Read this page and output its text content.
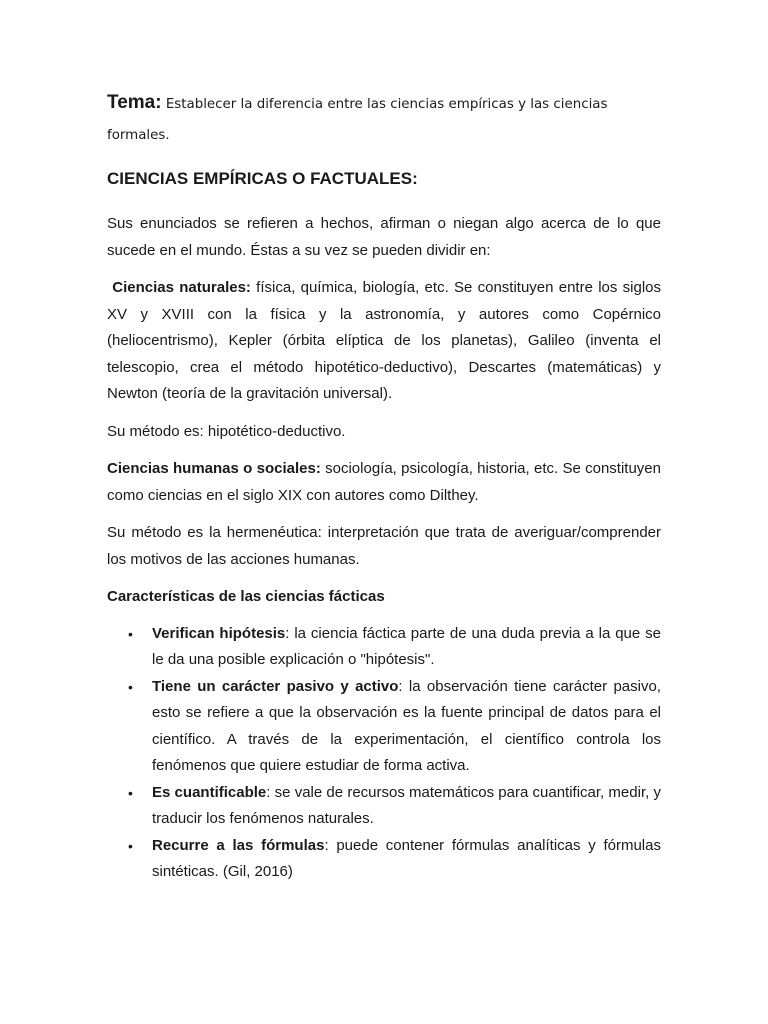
Tema: Establecer la diferencia entre las ciencias empíricas y las ciencias formales.
CIENCIAS EMPÍRICAS O FACTUALES:

Sus enunciados se refieren a hechos, afirman o niegan algo acerca de lo que sucede en el mundo. Éstas a su vez se pueden dividir en:

Ciencias naturales: física, química, biología, etc. Se constituyen entre los siglos XV y XVIII con la física y la astronomía, y autores como Copérnico (heliocentrismo), Kepler (órbita elíptica de los planetas), Galileo (inventa el telescopio, crea el método hipotético-deductivo), Descartes (matemáticas) y Newton (teoría de la gravitación universal).

Su método es: hipotético-deductivo.

Ciencias humanas o sociales: sociología, psicología, historia, etc. Se constituyen como ciencias en el siglo XIX con autores como Dilthey.

Su método es la hermenéutica: interpretación que trata de averiguar/comprender los motivos de las acciones humanas.

Características de las ciencias fácticas

• Verifican hipótesis: la ciencia fáctica parte de una duda previa a la que se le da una posible explicación o "hipótesis".
• Tiene un carácter pasivo y activo: la observación tiene carácter pasivo, esto se refiere a que la observación es la fuente principal de datos para el científico. A través de la experimentación, el científico controla los fenómenos que quiere estudiar de forma activa.
• Es cuantificable: se vale de recursos matemáticos para cuantificar, medir, y traducir los fenómenos naturales.
• Recurre a las fórmulas: puede contener fórmulas analíticas y fórmulas sintéticas. (Gil, 2016)
